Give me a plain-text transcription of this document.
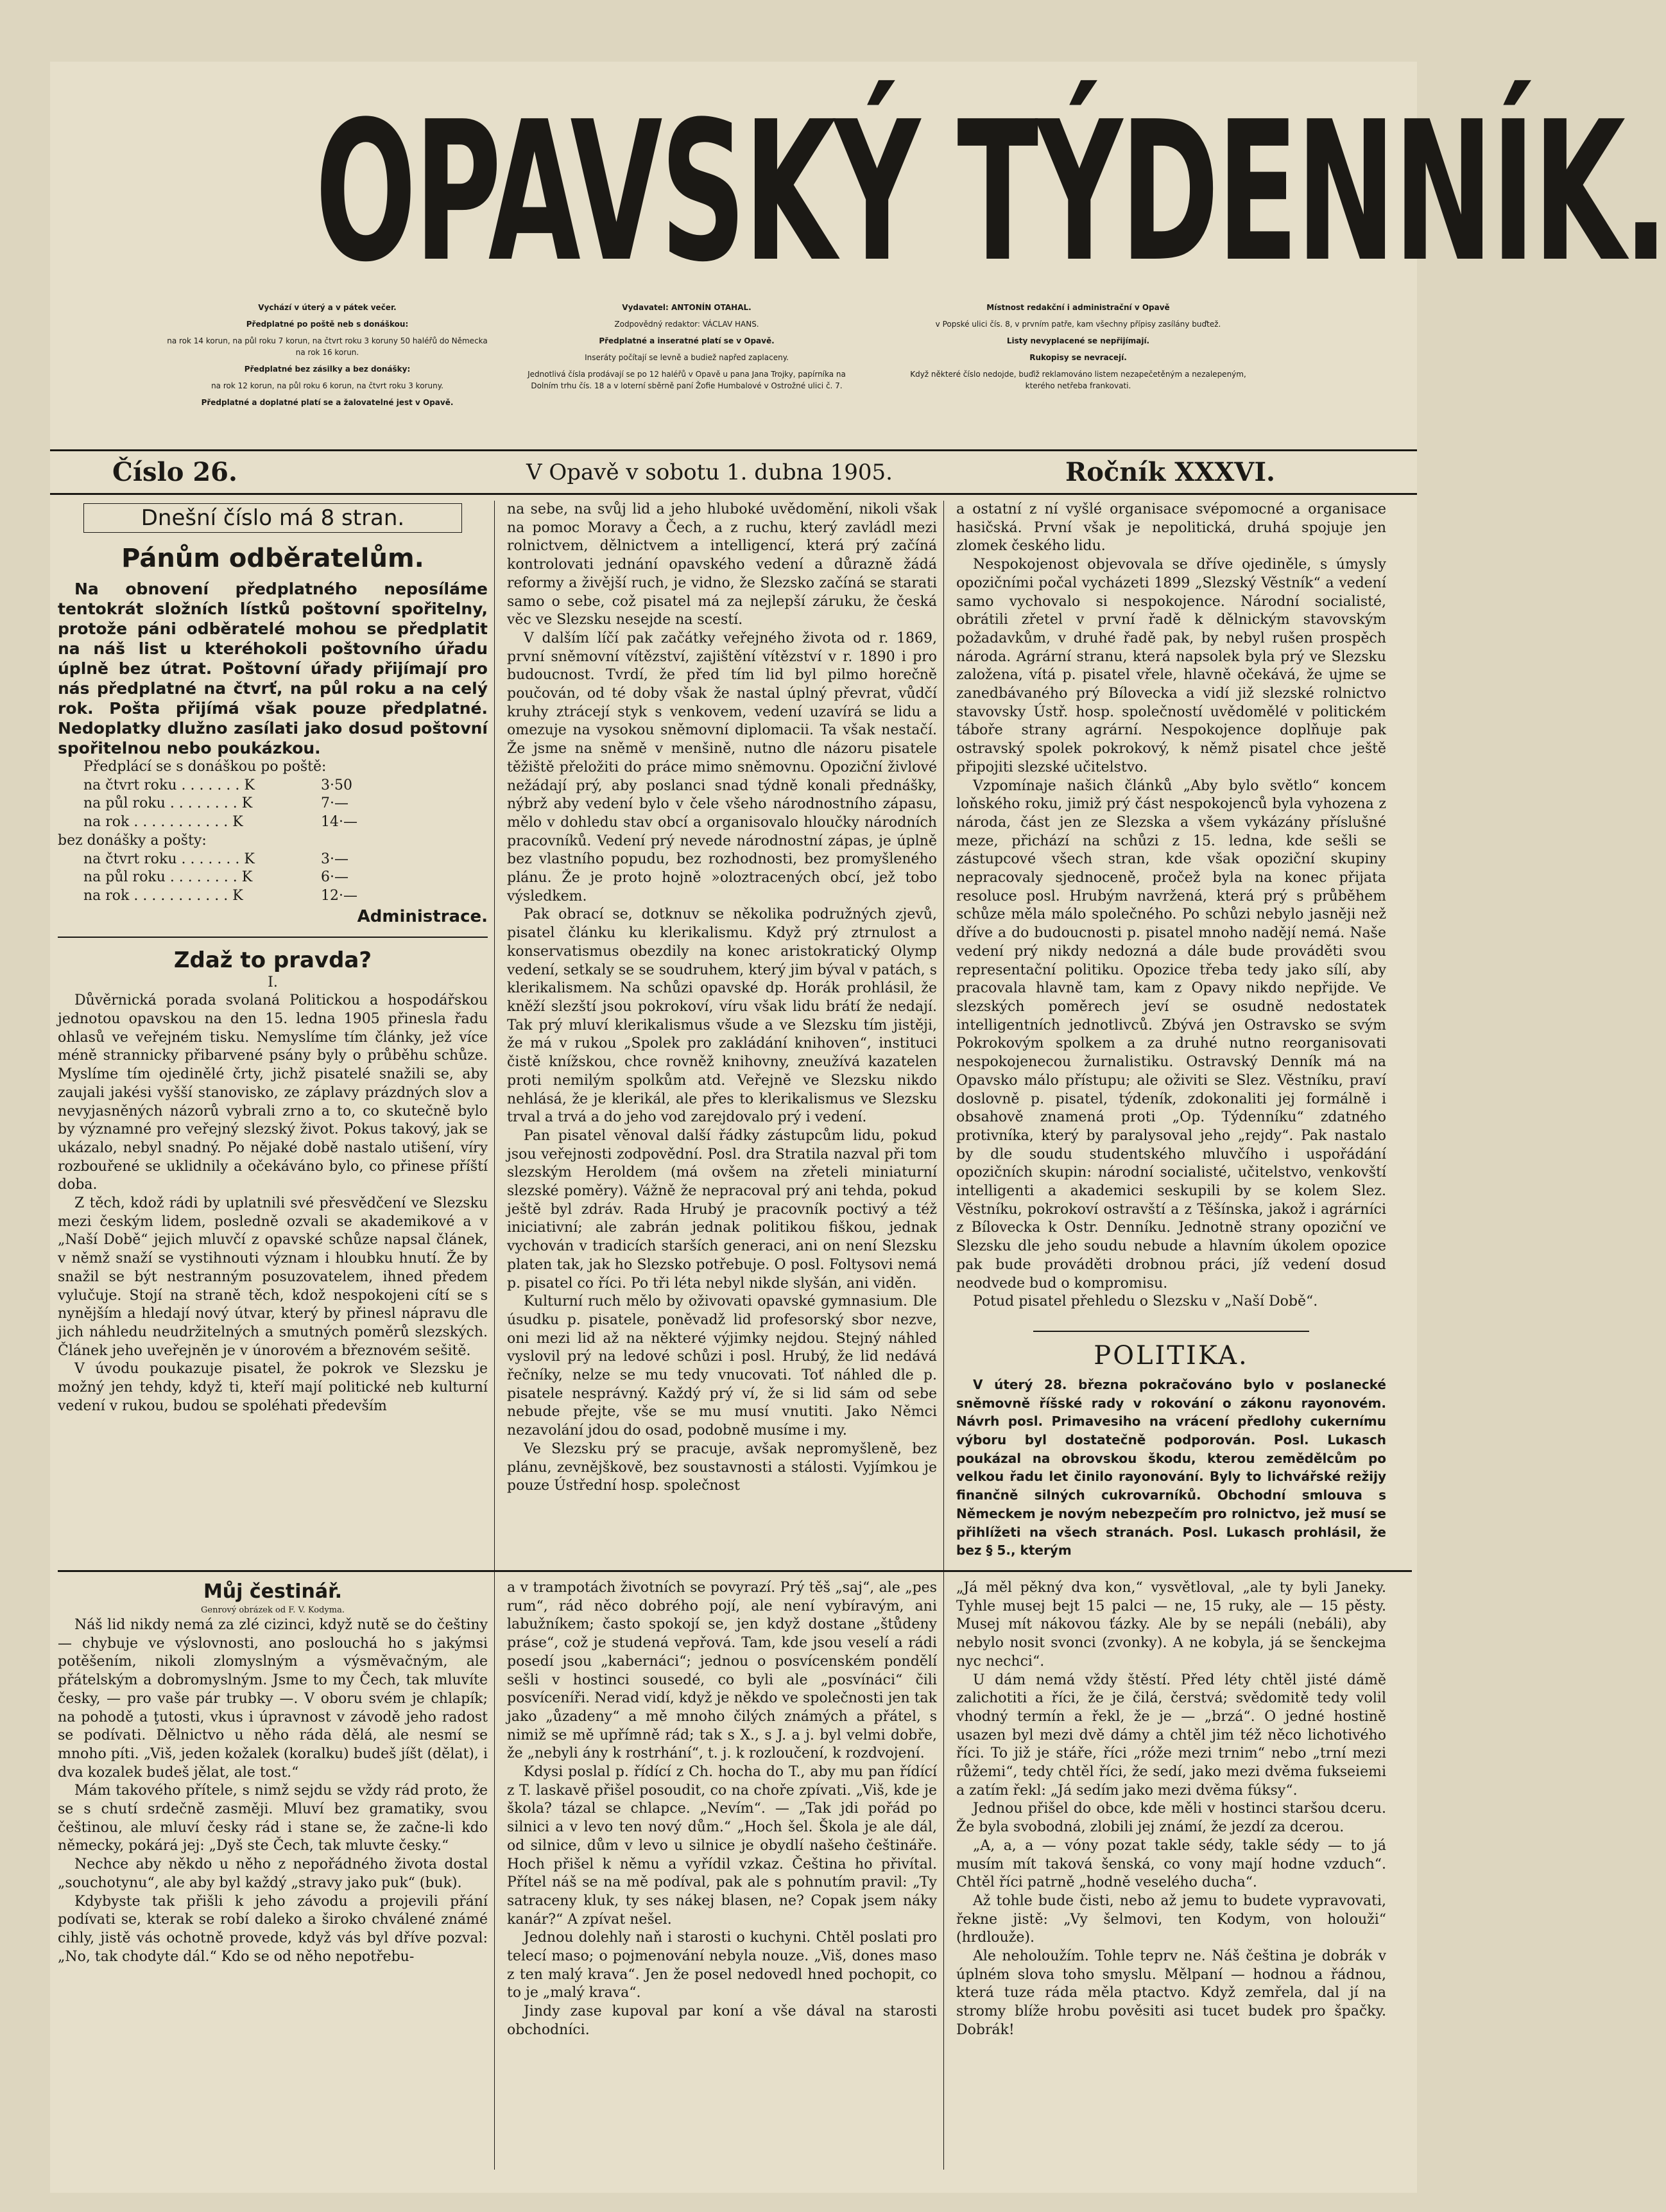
OPAVSKÝ TÝDENNÍK.

Vychází v úterý a v pátek večer.

Předplatné po poště neb s donáškou:

na rok 14 korun, na půl roku 7 korun, na čtvrt roku 3 koruny 50 haléřů do Německa na rok 16 korun.

Předplatné bez zásilky a bez donášky:

na rok 12 korun, na půl roku 6 korun, na čtvrt roku 3 koruny.

Předplatné a doplatné platí se a žalovatelné jest v Opavě.

Vydavatel: ANTONÍN OTAHAL.

Zodpovědný redaktor: VÁCLAV HANS.

Předplatné a inseratné platí se v Opavě.

Inseráty počítají se levně a budiež napřed zaplaceny.

Jednotlivá čísla prodávají se po 12 haléřů v Opavě u pana Jana Trojky, papírníka na Dolním trhu čís. 18 a v loterní sběrně paní Žofie Humbalové v Ostrožné ulici č. 7.

Místnost redakční i administrační v Opavě

v Popské ulici čís. 8, v prvním patře, kam všechny přípisy zasílány buďtež.

Listy nevyplacené se nepřijímají.

Rukopisy se nevracejí.

Když některé číslo nedojde, buďiž reklamováno listem nezapečetěným a nezalepeným, kterého netřeba frankovati.

Číslo 26.	V Opavě v sobotu 1. dubna 1905.	Ročník XXXVI.
Dnešní číslo má 8 stran.
Pánům odběratelům.

Na obnovení předplatného neposíláme tentokrát složních lístků poštovní spořitelny, protože páni odběratelé mohou se předplatit na náš list u kteréhokoli poštovního úřadu úplně bez útrat. Poštovní úřady přijímají pro nás předplatné na čtvrť, na půl roku a na celý rok. Pošta přijímá však pouze předplatné. Nedoplatky dlužno zasílati jako dosud poštovní spořitelnou nebo poukázkou.

Předplácí se s donáškou po poště:

na čtvrt roku . . . . . . . K	3·50
na půl roku . . . . . . . . K	7·—
na rok . . . . . . . . . . . K	14·—

bez donášky a pošty:

na čtvrt roku . . . . . . . K	3·—
na půl roku . . . . . . . . K	6·—
na rok . . . . . . . . . . . K	12·—
Administrace.
Zdaž to pravda?
I.

Důvěrnická porada svolaná Politickou a hospodářskou jednotou opavskou na den 15. ledna 1905 přinesla řadu ohlasů ve veřejném tisku. Nemyslíme tím články, jež více méně strannicky přibarvené psány byly o průběhu schůze. Myslíme tím ojedinělé črty, jichž pisatelé snažili se, aby zaujali jakési vyšší stanovisko, ze záplavy prázdných slov a nevyjasněných názorů vybrali zrno a to, co skutečně bylo by významné pro veřejný slezský život. Pokus takový, jak se ukázalo, nebyl snadný. Po nějaké době nastalo utišení, víry rozbouřené se uklidnily a očekáváno bylo, co přinese příští doba.

Z těch, kdož rádi by uplatnili své přesvědčení ve Slezsku mezi českým lidem, posledně ozvali se akademikové a v „Naší Době“ jejich mluvčí z opavské schůze napsal článek, v němž snaží se vystihnouti význam i hloubku hnutí. Že by snažil se být nestranným posuzovatelem, ihned předem vylučuje. Stojí na straně těch, kdož nespokojeni cítí se s nynějším a hledají nový útvar, který by přinesl nápravu dle jich náhledu neudržitelných a smutných poměrů slezských. Článek jeho uveřejněn je v únorovém a březnovém sešitě.

V úvodu poukazuje pisatel, že pokrok ve Slezsku je možný jen tehdy, když ti, kteří mají politické neb kulturní vedení v rukou, budou se spoléhati především

na sebe, na svůj lid a jeho hluboké uvědomění, nikoli však na pomoc Moravy a Čech, a z ruchu, který zavládl mezi rolnictvem, dělnictvem a intelligencí, která prý začíná kontrolovati jednání opavského vedení a důrazně žádá reformy a živější ruch, je vidno, že Slezsko začíná se starati samo o sebe, což pisatel má za nejlepší záruku, že česká věc ve Slezsku nesejde na scestí.

V dalším líčí pak začátky veřejného života od r. 1869, první sněmovní vítězství, zajištění vítězství v r. 1890 i pro budoucnost. Tvrdí, že před tím lid byl pilmo horečně poučován, od té doby však že nastal úplný převrat, vůdčí kruhy ztrácejí styk s venkovem, vedení uzavírá se lidu a omezuje na vysokou sněmovní diplomacii. Ta však nestačí. Že jsme na sněmě v menšině, nutno dle názoru pisatele těžiště přeložiti do práce mimo sněmovnu. Opoziční živlové nežádají prý, aby poslanci snad týdně konali přednášky, nýbrž aby vedení bylo v čele všeho národnostního zápasu, mělo v dohledu stav obcí a organisovalo hloučky národních pracovníků. Vedení prý nevede národnostní zápas, je úplně bez vlastního popudu, bez rozhodnosti, bez promyšleného plánu. Že je proto hojně »oloztracených obcí, jež tobo výsledkem.

Pak obrací se, dotknuv se několika podružných zjevů, pisatel článku ku klerikalismu. Když prý ztrnulost a konservatismus obezdily na konec aristokratický Olymp vedení, setkaly se se soudruhem, který jim býval v patách, s klerikalismem. Na schůzi opavské dp. Horák prohlásil, že kněží slezští jsou pokrokoví, víru však lidu brátí že nedají. Tak prý mluví klerikalismus všude a ve Slezsku tím jistěji, že má v rukou „Spolek pro zakládání knihoven“, instituci čistě knížskou, chce rovněž knihovny, zneužívá kazatelen proti nemilým spolkům atd. Veřejně ve Slezsku nikdo nehlásá, že je klerikál, ale přes to klerikalismus ve Slezsku trval a trvá a do jeho vod zarejdovalo prý i vedení.

Pan pisatel věnoval další řádky zástupcům lidu, pokud jsou veřejnosti zodpovědní. Posl. dra Stratila nazval při tom slezským Heroldem (má ovšem na zřeteli miniaturní slezské poměry). Vážně že nepracoval prý ani tehda, pokud ještě byl zdráv. Rada Hrubý je pracovník poctivý a též iniciativní; ale zabrán jednak politikou fiškou, jednak vychován v tradicích starších generaci, ani on není Slezsku platen tak, jak ho Slezsko potřebuje. O posl. Foltysovi nemá p. pisatel co říci. Po tři léta nebyl nikde slyšán, ani viděn.

Kulturní ruch mělo by oživovati opavské gymnasium. Dle úsudku p. pisatele, poněvadž lid profesorský sbor nezve, oni mezi lid až na některé výjimky nejdou. Stejný náhled vyslovil prý na ledové schůzi i posl. Hrubý, že lid nedává řečníky, nelze se mu tedy vnucovati. Toť náhled dle p. pisatele nesprávný. Každý prý ví, že si lid sám od sebe nebude přejte, vše se mu musí vnutiti. Jako Němci nezavolání jdou do osad, podobně musíme i my.

Ve Slezsku prý se pracuje, avšak nepromyšleně, bez plánu, zevnějškově, bez soustavnosti a stálosti. Vyjímkou je pouze Ústřední hosp. společnost

a ostatní z ní vyšlé organisace svépomocné a organisace hasičská. První však je nepolitická, druhá spojuje jen zlomek českého lidu.

Nespokojenost objevovala se dříve ojediněle, s úmysly opozičními počal vycházeti 1899 „Slezský Věstník“ a vedení samo vychovalo si nespokojence. Národní socialisté, obrátili zřetel v první řadě k dělnickým stavovským požadavkům, v druhé řadě pak, by nebyl rušen prospěch národa. Agrární stranu, která napsolek byla prý ve Slezsku založena, vítá p. pisatel vřele, hlavně očekává, že ujme se zanedbávaného prý Bílovecka a vidí již slezské rolnictvo stavovsky Ústř. hosp. společností uvědomělé v politickém táboře strany agrární. Nespokojence doplňuje pak ostravský spolek pokrokový, k němž pisatel chce ještě připojiti slezské učitelstvo.

Vzpomínaje našich článků „Aby bylo světlo“ koncem loňského roku, jimiž prý část nespokojenců byla vyhozena z národa, část jen ze Slezska a všem vykázány příslušné meze, přichází na schůzi z 15. ledna, kde sešli se zástupcové všech stran, kde však opoziční skupiny nepracovaly sjednoceně, pročež byla na konec přijata resoluce posl. Hrubým navržená, která prý s průběhem schůze měla málo společného. Po schůzi nebylo jasněji než dříve a do budoucnosti p. pisatel mnoho nadějí nemá. Naše vedení prý nikdy nedozná a dále bude prováděti svou representační politiku. Opozice třeba tedy jako sílí, aby pracovala hlavně tam, kam z Opavy nikdo nepřijde. Ve slezských poměrech jeví se osudně nedostatek intelligentních jednotlivců. Zbývá jen Ostravsko se svým Pokrokovým spolkem a za druhé nutno reorganisovati nespokojenecou žurnalistiku. Ostravský Denník má na Opavsko málo přístupu; ale oživiti se Slez. Věstníku, praví doslovně p. pisatel, týdeník, zdokonaliti jej formálně i obsahově znamená proti „Op. Týdenníku“ zdatného protivníka, který by paralysoval jeho „rejdy“. Pak nastalo by dle soudu studentského mluvčího i uspořádání opozičních skupin: národní socialisté, učitelstvo, venkovští intelligenti a akademici seskupili by se kolem Slez. Věstníku, pokrokoví ostravští a z Těšínska, jakož i agrárníci z Bílovecka k Ostr. Denníku. Jednotně strany opoziční ve Slezsku dle jeho soudu nebude a hlavním úkolem opozice pak bude prováděti drobnou práci, jíž vedení dosud neodvede bud o kompromisu.

Potud pisatel přehledu o Slezsku v „Naší Době“.

POLITIKA.

V úterý 28. března pokračováno bylo v poslanecké sněmovně říšské rady v rokování o zákonu rayonovém. Návrh posl. Primavesiho na vrácení předlohy cukernímu výboru byl dostatečně podporován. Posl. Lukasch poukázal na obrovskou škodu, kterou zemědělcům po velkou řadu let činilo rayonování. Byly to lichvářské režijy finančně silných cukrovarníků. Obchodní smlouva s Německem je novým nebezpečím pro rolnictvo, jež musí se přihlížeti na všech stranách. Posl. Lukasch prohlásil, že bez § 5., kterým

Můj čestinář.
Genrový obrázek od F. V. Kodyma.

Náš lid nikdy nemá za zlé cizinci, když nutě se do češtiny — chybuje ve výslovnosti, ano poslouchá ho s jakýmsi potěšením, nikoli zlomyslným a výsměvačným, ale přátelským a dobromyslným. Jsme to my Čech, tak mluvíte česky, — pro vaše pár trubky —. V oboru svém je chlapík; na pohodě a ţutosti, vkus i úpravnost v závodě jeho radost se podívati. Dělnictvo u něho ráda dělá, ale nesmí se mnoho píti. „Viš, jeden kožalek (koralku) budeš jíšt (dělat), i dva kozalek budeš jělat, ale tost.“

Mám takového přítele, s nimž sejdu se vždy rád proto, že se s chutí srdečně zasměji. Mluví bez gramatiky, svou češtinou, ale mluví česky rád i stane se, že začne-li kdo německy, pokárá jej: „Dyš ste Čech, tak mluvte česky.“

Nechce aby někdo u něho z nepořádného života dostal „souchotynu“, ale aby byl každý „stravy jako puk“ (buk).

Kdybyste tak přišli k jeho závodu a projevili přání podívati se, kterak se robí daleko a široko chválené známé cihly, jistě vás ochotně provede, když vás byl dříve pozval: „No, tak chodyte dál.“ Kdo se od něho nepotřebu-

a v trampotách životních se povyrazí. Prý těš „saj“, ale „pes rum“, rád něco dobrého pojí, ale není vybíravým, ani labužníkem; často spokojí se, jen když dostane „štůdeny práse“, což je studená vepřová. Tam, kde jsou veselí a rádi posedí jsou „kabernáci“; jednou o posvícenském pondělí sešli v hostinci sousedé, co byli ale „posvínáci“ čili posvíceníři. Nerad vidí, když je někdo ve společnosti jen tak jako „ůzadeny“ a mě mnoho čilých známých a přátel, s nimiž se mě upřímně rád; tak s X., s J. a j. byl velmi dobře, že „nebyli ány k rostrhání“, t. j. k rozloučení, k rozdvojení.

Kdysi poslal p. řídící z Ch. hocha do T., aby mu pan řídící z T. laskavě přišel posoudit, co na choře zpívati. „Viš, kde je škola? tázal se chlapce. „Nevím“. — „Tak jdi pořád po silnici a v levo ten nový dům.“ „Hoch šel. Škola je ale dál, od silnice, dům v levo u silnice je obydlí našeho češtináře. Hoch přišel k němu a vyřídil vzkaz. Čeština ho přivítal. Přítel náš se na mě podíval, pak ale s pohnutím pravil: „Ty satraceny kluk, ty ses nákej blasen, ne? Copak jsem náky kanár?“ A zpívat nešel.

Jednou dolehly naň i starosti o kuchyni. Chtěl poslati pro telecí maso; o pojmenování nebyla nouze. „Viš, dones maso z ten malý krava“. Jen že posel nedovedl hned pochopit, co to je „malý krava“.

Jindy zase kupoval par koní a vše dával na starosti obchodníci.

„Já měl pěkný dva kon,“ vysvětloval, „ale ty byli Janeky. Tyhle musej bejt 15 palci — ne, 15 ruky, ale — 15 pěsty. Musej mít nákovou ťázky. Ale by se nepáli (nebáli), aby nebylo nosit svonci (zvonky). A ne kobyla, já se šenckejma nyc nechci“.

U dám nemá vždy štěstí. Před léty chtěl jisté dámě zalichotiti a říci, že je čilá, čerstvá; svědomitě tedy volil vhodný termín a řekl, že je — „brzá“. O jedné hostině usazen byl mezi dvě dámy a chtěl jim též něco lichotivého říci. To již je stáře, říci „róže mezi trnim“ nebo „trní mezi růžemi“, tedy chtěl říci, že sedí, jako mezi dvěma fukseiemi a zatím řekl: „Já sedím jako mezi dvěma fúksy“.

Jednou přišel do obce, kde měli v hostinci staršou dceru. Že byla svobodná, zlobili jej známí, že jezdí za dcerou.

„A, a, a — vóny pozat takle sédy, takle sédy — to já musím mít taková šenská, co vony mají hodne vzduch“. Chtěl říci patrně „hodně veselého ducha“.

Až tohle bude čisti, nebo až jemu to budete vypravovati, řekne jistě: „Vy šelmovi, ten Kodym, von holouži“ (hrdlouže).

Ale neholoužím. Tohle teprv ne. Náš čeština je dobrák v úplném slova toho smyslu. Mělpaní — hodnou a řádnou, která tuze ráda měla ptactvo. Když zemřela, dal jí na stromy blíže hrobu pověsiti asi tucet budek pro špačky. Dobrák!
